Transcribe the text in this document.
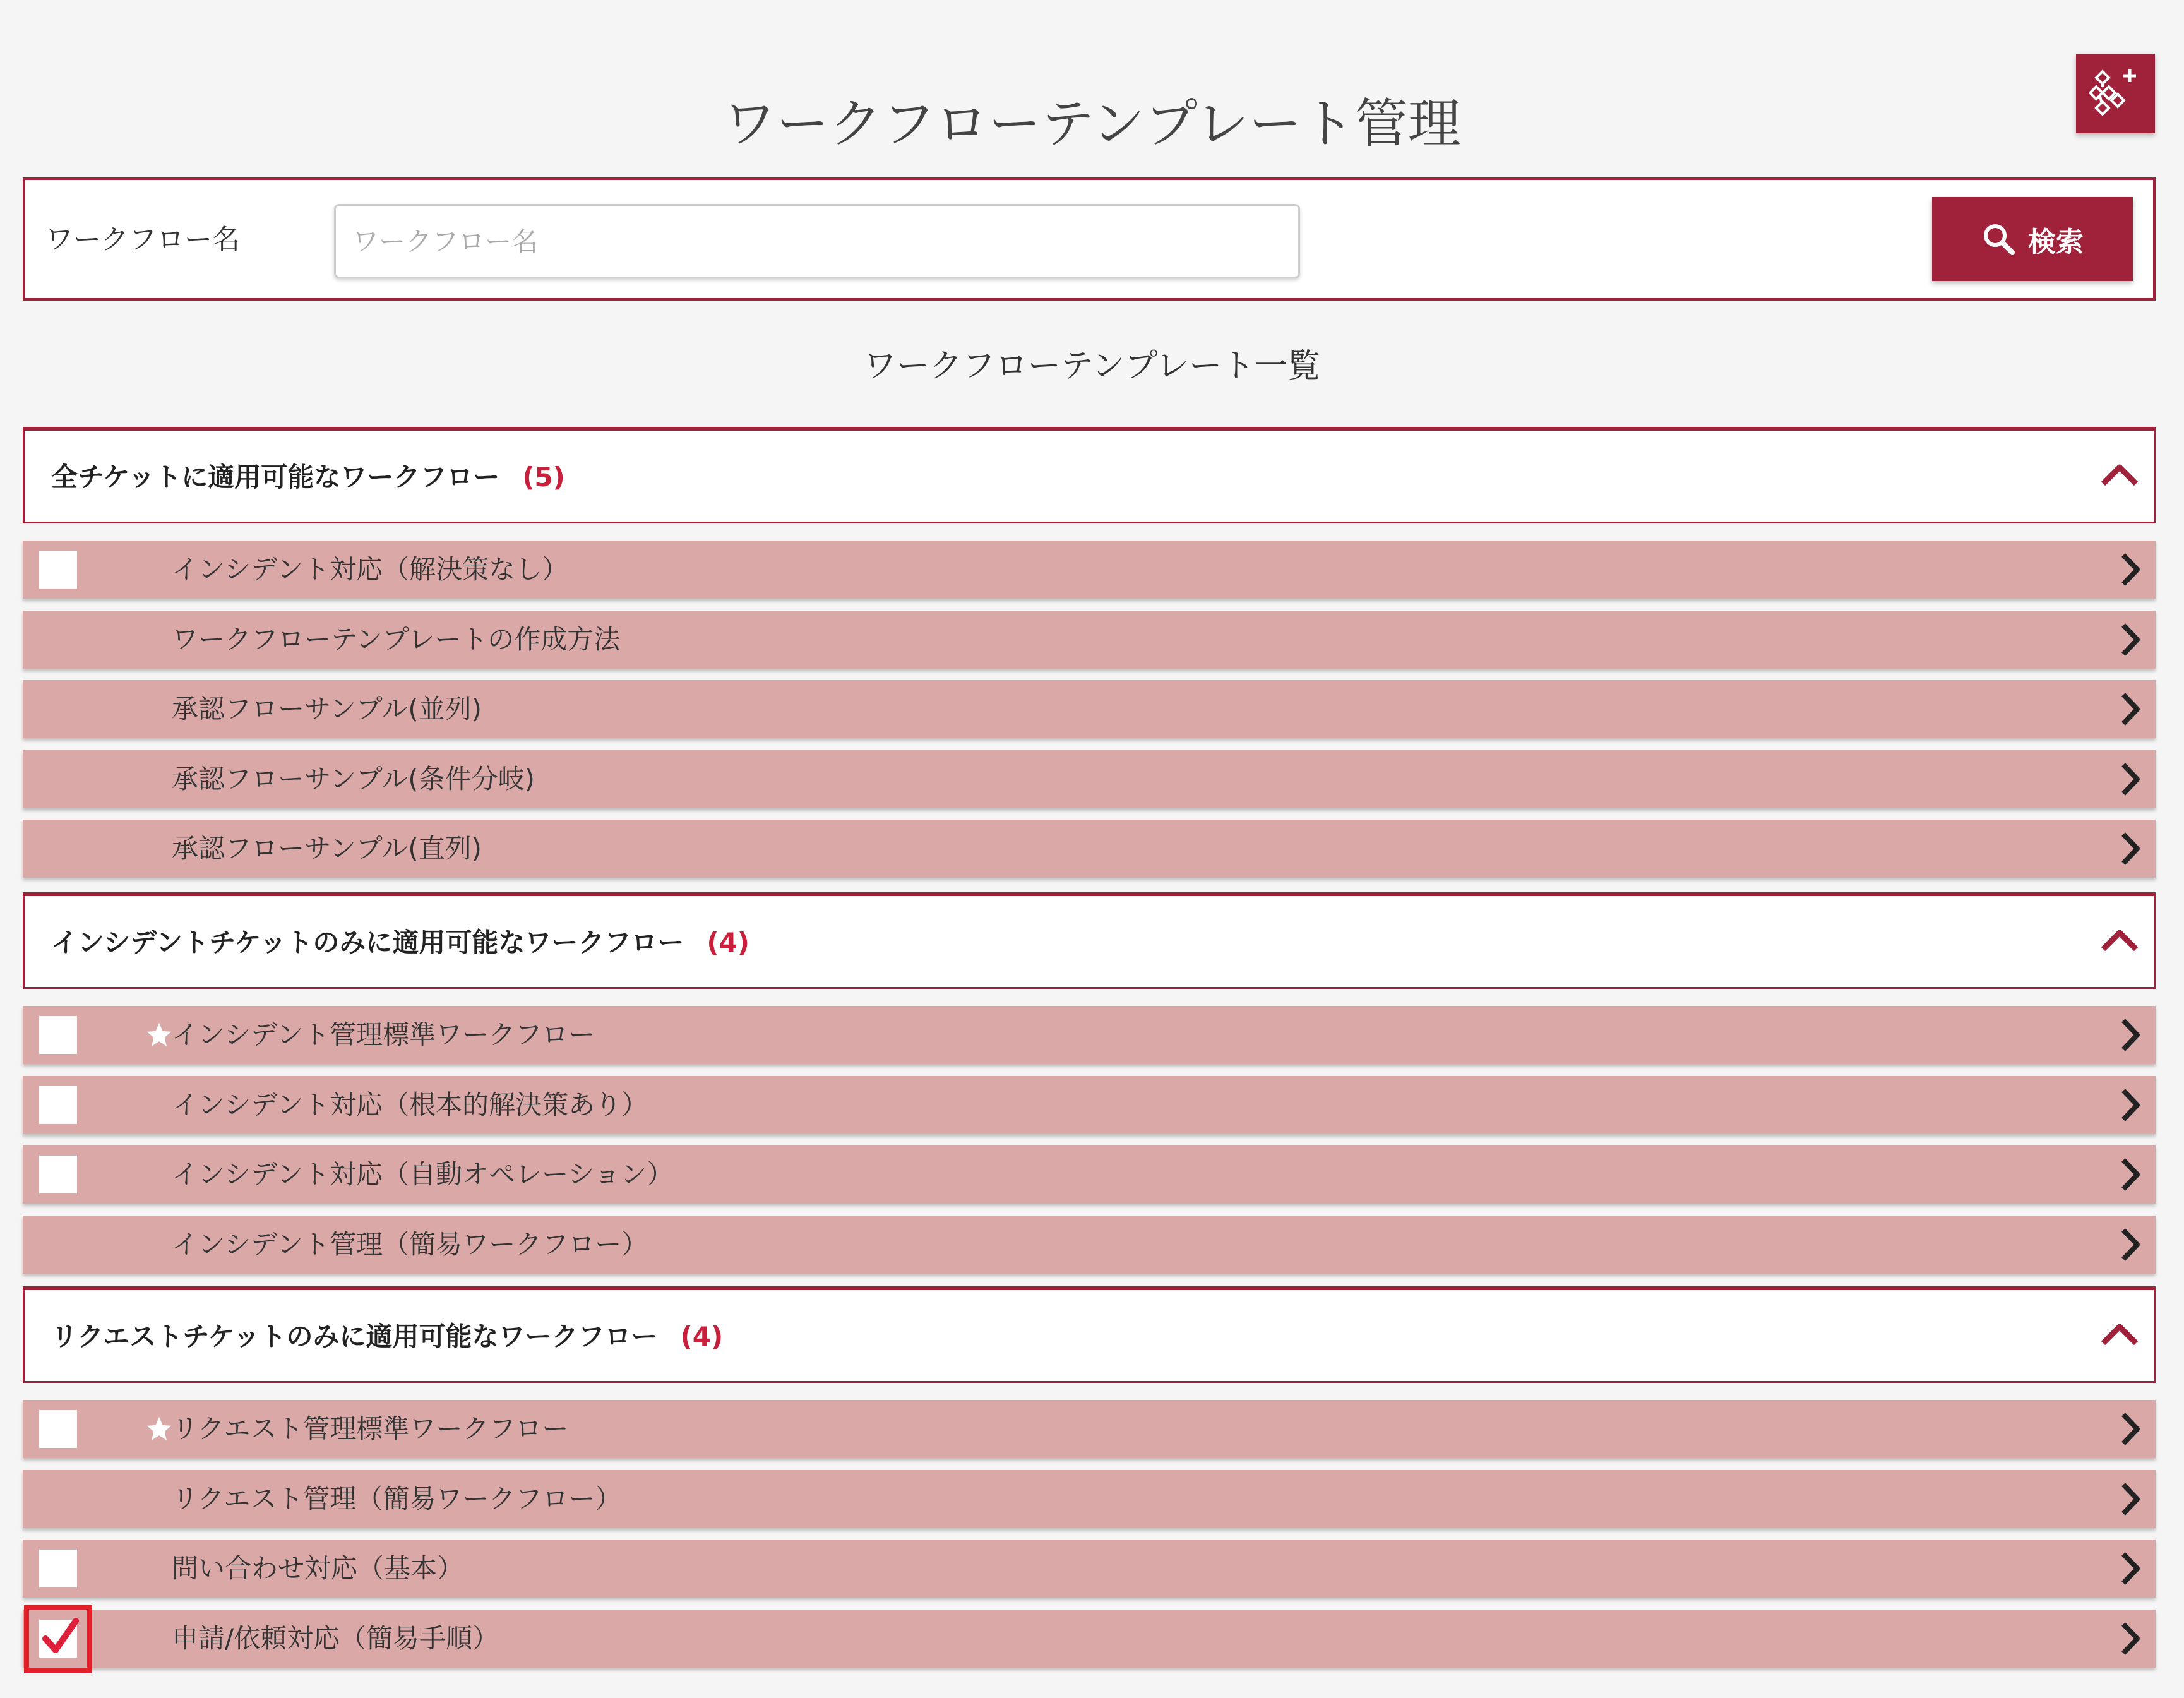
ワークフローテンプレート管理
ワークフロー名
ワークフロー名	検索
ワークフローテンプレート一覧
全チケットに適用可能なワークフロー (5)
インシデント対応（解決策なし）
ワークフローテンプレートの作成方法
承認フローサンプル(並列)
承認フローサンプル(条件分岐)
承認フローサンプル(直列)
インシデントチケットのみに適用可能なワークフロー (4)
インシデント管理標準ワークフロー
インシデント対応（根本的解決策あり）
インシデント対応（自動オペレーション）
インシデント管理（簡易ワークフロー）
リクエストチケットのみに適用可能なワークフロー (4)
リクエスト管理標準ワークフロー
リクエスト管理（簡易ワークフロー）
問い合わせ対応（基本）
申請/依頼対応（簡易手順）
